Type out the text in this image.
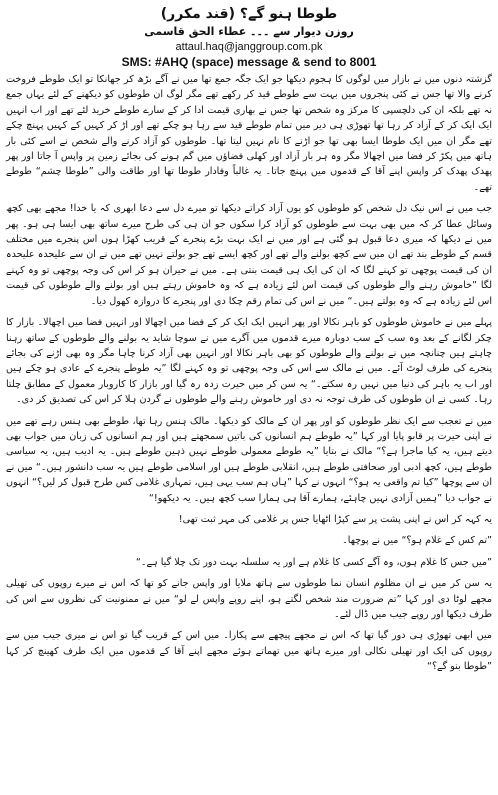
طوطا ہنو گے؟ (قند مکرر)
روزن دیوار سے ۔۔۔ عطاء الحق قاسمی
attaul.haq@janggroup.com.pk
SMS: #AHQ (space) message & send to 8001

گزشتہ دنوں میں نے بازار میں لوگوں کا ہجوم دیکھا جو ایک جگہ جمع تھا میں نے آگے بڑھ کر جھانکا تو ایک طوطے فروخت کرنے والا تھا جس نے کئی پنجروں میں بہت سے طوطے قید کر رکھے تھے مگر لوگ ان طوطوں کو دیکھنے کے لئے یہاں جمع نہ تھے بلکہ ان کی دلچسپی کا مرکز وہ شخص تھا جس نے بھاری قیمت ادا کر کے سارے طوطے خرید لئے تھے اور اب انہیں ایک ایک کر کے آزاد کر رہا تھا تھوڑی ہی دیر میں تمام طوطے قید سے رہا ہو چکے تھے اور اڑ کر کہیں کے کہیں پہنچ چکے تھے مگر ان میں ایک طوطا ایسا بھی تھا جو اڑنے کا نام نہیں لیتا تھا۔ طوطوں کو آزاد کرنے والے شخص نے اسے کئی بار ہاتھ میں پکڑ کر فضا میں اچھالا مگر وہ ہر بار آزاد اور کھلی فضاؤں میں گم ہونے کی بجائے زمین پر واپس آ جاتا اور پھر پھدک پھدک کر واپس اپنے آقا کے قدموں میں پہنچ جاتا۔ یہ غالباً وفادار طوطا تھا اور طاقت والی ”طوطا چشم“ طوطے تھے۔

جب میں نے اس نیک دل شخص کو طوطوں کو یوں آزاد کراتے دیکھا تو میرے دل سے دعا ابھری کہ یا خدا! مجھے بھی کچھ وسائل عطا کر کہ میں بھی بہت سے طوطوں کو آزاد کرا سکوں جو ان ہی کی طرح میرے ساتھ بھی ایسا ہی ہو۔ پھر میں نے دیکھا کہ میری دعا قبول ہو گئی ہے اور میں نے ایک بہت بڑے پنجرے کے قریب کھڑا ہوں اس پنجرے میں مختلف قسم کے طوطے بند تھے ان میں سے کچھ بولنے والے تھے اور کچھ ایسے تھے جو بولتے نہیں تھے میں نے ان سے علیحدہ علیحدہ ان کی قیمت پوچھی تو کہنے لگا کہ ان کی ایک ہی قیمت بنتی ہے۔ میں نے حیران ہو کر اس کی وجہ پوچھی تو وہ کہنے لگا ”خاموش رہنے والے طوطوں کی قیمت اس لئے زیادہ ہے کہ وہ خاموش رہتے ہیں اور بولنے والے طوطوں کی قیمت اس لئے زیادہ ہے کہ وہ بولتے ہیں۔“ میں نے اس کی تمام رقم چکا دی اور پنجرے کا دروازہ کھول دیا۔

پہلے میں نے خاموش طوطوں کو باہر نکالا اور پھر انہیں ایک ایک کر کے فضا میں اچھالا اور انہیں فضا میں اچھالا۔ بازار کا چکر لگانے کے بعد وہ سب کے سب دوبارہ میرے قدموں میں آگرے میں نے سوچا شاید یہ بولنے والے طوطوں کے ساتھ رہنا چاہتے ہیں چنانچہ میں نے بولنے والے طوطوں کو بھی باہر نکالا اور انہیں بھی آزاد کرنا چاہا مگر وہ بھی اڑنے کی بجائے پنجرے کی طرف لوٹ آئے۔ میں نے مالک سے اس کی وجہ پوچھی تو وہ کہنے لگا ”یہ طوطے پنجرے کے عادی ہو چکے ہیں اور اب یہ باہر کی دنیا میں نہیں رہ سکتے۔“ یہ سن کر میں حیرت زدہ رہ گیا اور بازار کا کاروبار معمول کے مطابق چلتا رہا۔ کسی نے ان طوطوں کی طرف توجہ نہ دی اور خاموش رہنے والے طوطوں نے گردن ہلا کر اس کی تصدیق کر دی۔

میں نے تعجب سے ایک نظر طوطوں کو اور پھر ان کے مالک کو دیکھا۔ مالک ہنس رہا تھا، طوطے بھی ہنس رہے تھے میں نے اپنی حیرت پر قابو پایا اور کہا ”یہ طوطے ہم انسانوں کی باتیں سمجھتے ہیں اور ہم انسانوں کی زبان میں جواب بھی دیتے ہیں، یہ کیا ماجرا ہے؟“ مالک نے بتایا ”یہ طوطے معمولی طوطے نہیں ذہین طوطے ہیں۔ یہ ادیب ہیں، یہ سیاسی طوطے ہیں، کچھ ادبی اور صحافتی طوطے ہیں، انقلابی طوطے ہیں اور اسلامی طوطے ہیں یہ سب دانشور ہیں۔“ میں نے ان سے پوچھا ”کیا تم واقعی یہ ہو؟“ انہوں نے کہا ”ہاں ہم سب یہی ہیں، تمہاری غلامی کس طرح قبول کر لیں؟“ انہوں نے جواب دیا ”ہمیں آزادی نہیں چاہئے، ہمارے آقا ہی ہمارا سب کچھ ہیں۔ یہ دیکھو!“

یہ کہہ کر اس نے اپنی پشت پر سے کپڑا اٹھایا جس پر غلامی کی مہر ثبت تھی!

”تم کس کے غلام ہو؟“ میں نے پوچھا۔

”میں جس کا غلام ہوں، وہ آگے کسی کا غلام ہے اور یہ سلسلہ بہت دور تک چلا گیا ہے۔“

یہ سن کر میں نے ان مظلوم انسان نما طوطوں سے ہاتھ ملایا اور واپس جانے کو تھا کہ اس نے میرے روپوں کی تھیلی مجھے لوٹا دی اور کہا ”تم ضرورت مند شخص لگتے ہو، اپنے روپے واپس لے لو“ میں نے ممنونیت کی نظروں سے اس کی طرف دیکھا اور روپے جیب میں ڈال لئے۔

میں ابھی تھوڑی ہی دور گیا تھا کہ اس نے مجھے پیچھے سے پکارا۔ میں اس کے قریب گیا تو اس نے میری جیب میں سے روپوں کی ایک اور تھیلی نکالی اور میرے ہاتھ میں تھماتے ہوئے مجھے اپنے آقا کے قدموں میں ایک طرف کھینچ کر کہا ”طوطا بنو گے؟“
